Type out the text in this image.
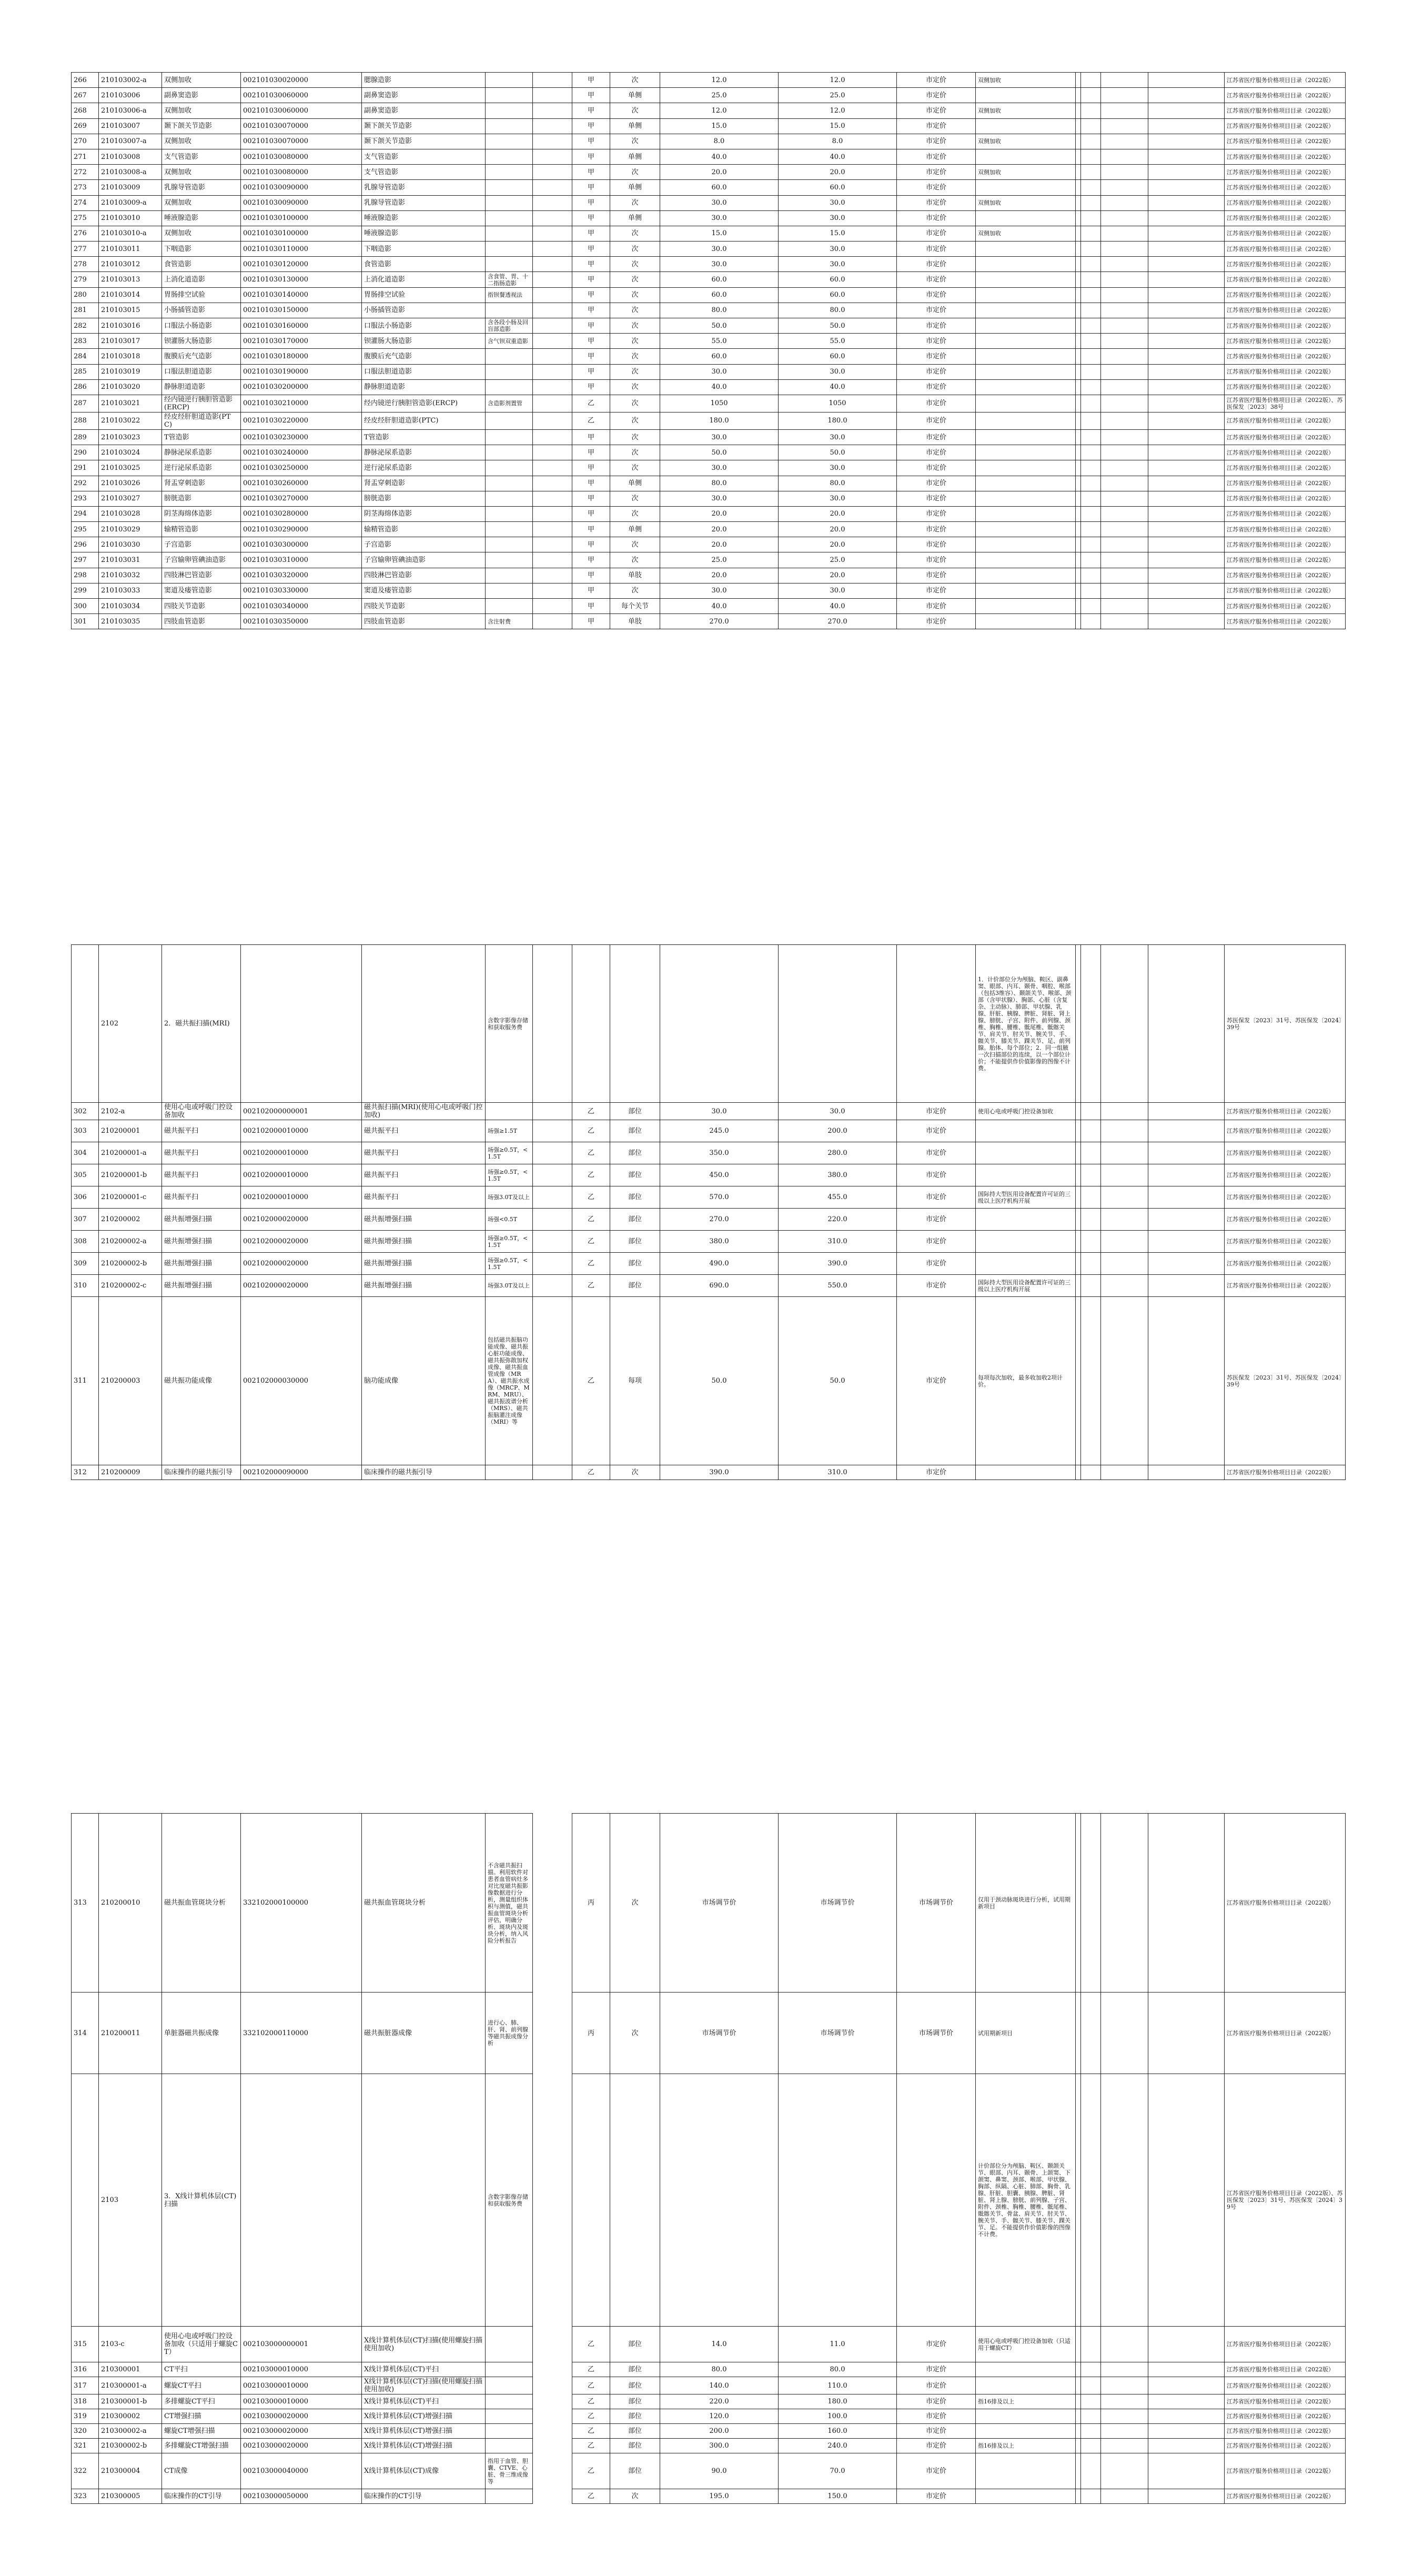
266	210103002-a	双侧加收	002101030020000	腮腺造影			甲	次	12.0	12.0	市定价	双侧加收					江苏省医疗服务价格项目目录（2022版）
267	210103006	副鼻窦造影	002101030060000	副鼻窦造影			甲	单侧	25.0	25.0	市定价						江苏省医疗服务价格项目目录（2022版）
268	210103006-a	双侧加收	002101030060000	副鼻窦造影			甲	次	12.0	12.0	市定价	双侧加收					江苏省医疗服务价格项目目录（2022版）
269	210103007	颞下颌关节造影	002101030070000	颞下颌关节造影			甲	单侧	15.0	15.0	市定价						江苏省医疗服务价格项目目录（2022版）
270	210103007-a	双侧加收	002101030070000	颞下颌关节造影			甲	次	8.0	8.0	市定价	双侧加收					江苏省医疗服务价格项目目录（2022版）
271	210103008	支气管造影	002101030080000	支气管造影			甲	单侧	40.0	40.0	市定价						江苏省医疗服务价格项目目录（2022版）
272	210103008-a	双侧加收	002101030080000	支气管造影			甲	次	20.0	20.0	市定价	双侧加收					江苏省医疗服务价格项目目录（2022版）
273	210103009	乳腺导管造影	002101030090000	乳腺导管造影			甲	单侧	60.0	60.0	市定价						江苏省医疗服务价格项目目录（2022版）
274	210103009-a	双侧加收	002101030090000	乳腺导管造影			甲	次	30.0	30.0	市定价	双侧加收					江苏省医疗服务价格项目目录（2022版）
275	210103010	唾液腺造影	002101030100000	唾液腺造影			甲	单侧	30.0	30.0	市定价						江苏省医疗服务价格项目目录（2022版）
276	210103010-a	双侧加收	002101030100000	唾液腺造影			甲	次	15.0	15.0	市定价	双侧加收					江苏省医疗服务价格项目目录（2022版）
277	210103011	下咽造影	002101030110000	下咽造影			甲	次	30.0	30.0	市定价						江苏省医疗服务价格项目目录（2022版）
278	210103012	食管造影	002101030120000	食管造影			甲	次	30.0	30.0	市定价						江苏省医疗服务价格项目目录（2022版）
279	210103013	上消化道造影	002101030130000	上消化道造影	含食管、胃、十二指肠造影		甲	次	60.0	60.0	市定价						江苏省医疗服务价格项目目录（2022版）
280	210103014	胃肠排空试验	002101030140000	胃肠排空试验	指钡餐透视法		甲	次	60.0	60.0	市定价						江苏省医疗服务价格项目目录（2022版）
281	210103015	小肠插管造影	002101030150000	小肠插管造影			甲	次	80.0	80.0	市定价						江苏省医疗服务价格项目目录（2022版）
282	210103016	口服法小肠造影	002101030160000	口服法小肠造影	含各段小肠及回盲部造影		甲	次	50.0	50.0	市定价						江苏省医疗服务价格项目目录（2022版）
283	210103017	钡灌肠大肠造影	002101030170000	钡灌肠大肠造影	含气钡双重造影		甲	次	55.0	55.0	市定价						江苏省医疗服务价格项目目录（2022版）
284	210103018	腹膜后充气造影	002101030180000	腹膜后充气造影			甲	次	60.0	60.0	市定价						江苏省医疗服务价格项目目录（2022版）
285	210103019	口服法胆道造影	002101030190000	口服法胆道造影			甲	次	30.0	30.0	市定价						江苏省医疗服务价格项目目录（2022版）
286	210103020	静脉胆道造影	002101030200000	静脉胆道造影			甲	次	40.0	40.0	市定价						江苏省医疗服务价格项目目录（2022版）
287	210103021	经内镜逆行胰胆管造影(ERCP)	002101030210000	经内镜逆行胰胆管造影(ERCP)	含造影剂置管		乙	次	1050	1050	市定价						江苏省医疗服务价格项目目录（2022版）、苏医保发〔2023〕38号
288	210103022	经皮经肝胆道造影(PTC)	002101030220000	经皮经肝胆道造影(PTC)			乙	次	180.0	180.0	市定价						江苏省医疗服务价格项目目录（2022版）
289	210103023	T管造影	002101030230000	T管造影			甲	次	30.0	30.0	市定价						江苏省医疗服务价格项目目录（2022版）
290	210103024	静脉泌尿系造影	002101030240000	静脉泌尿系造影			甲	次	50.0	50.0	市定价						江苏省医疗服务价格项目目录（2022版）
291	210103025	逆行泌尿系造影	002101030250000	逆行泌尿系造影			甲	次	30.0	30.0	市定价						江苏省医疗服务价格项目目录（2022版）
292	210103026	肾盂穿刺造影	002101030260000	肾盂穿刺造影			甲	单侧	80.0	80.0	市定价						江苏省医疗服务价格项目目录（2022版）
293	210103027	膀胱造影	002101030270000	膀胱造影			甲	次	30.0	30.0	市定价						江苏省医疗服务价格项目目录（2022版）
294	210103028	阴茎海绵体造影	002101030280000	阴茎海绵体造影			甲	次	20.0	20.0	市定价						江苏省医疗服务价格项目目录（2022版）
295	210103029	输精管造影	002101030290000	输精管造影			甲	单侧	20.0	20.0	市定价						江苏省医疗服务价格项目目录（2022版）
296	210103030	子宫造影	002101030300000	子宫造影			甲	次	20.0	20.0	市定价						江苏省医疗服务价格项目目录（2022版）
297	210103031	子宫输卵管碘油造影	002101030310000	子宫输卵管碘油造影			甲	次	25.0	25.0	市定价						江苏省医疗服务价格项目目录（2022版）
298	210103032	四肢淋巴管造影	002101030320000	四肢淋巴管造影			甲	单肢	20.0	20.0	市定价						江苏省医疗服务价格项目目录（2022版）
299	210103033	窦道及瘘管造影	002101030330000	窦道及瘘管造影			甲	次	30.0	30.0	市定价						江苏省医疗服务价格项目目录（2022版）
300	210103034	四肢关节造影	002101030340000	四肢关节造影			甲	每个关节	40.0	40.0	市定价						江苏省医疗服务价格项目目录（2022版）
301	210103035	四肢血管造影	002101030350000	四肢血管造影	含注射费		甲	单肢	270.0	270.0	市定价						江苏省医疗服务价格项目目录（2022版）
	2102	2．磁共振扫描(MRI)			含数字影像存储和获取服务费							1．计价部位分为颅脑、鞍区、副鼻窦、眼部、内耳、颞骨、咽腔、喉部（包括3维容）、颞颌关节、喉部、颈部（含甲状腺）、胸部、心脏（含复杂、主动脉）、肺部、甲状腺、乳腺、肝脏、胰腺、脾脏、肾脏、肾上腺、膀胱、子宫、附件、前列腺、颈椎、胸椎、腰椎、骶尾椎、骶髂关节、肩关节、肘关节、腕关节、手、髋关节、膝关节、踝关节、足、前列腺。胎体、每个部位；2．同一组腋一次扫描部位的连续，以一个部位计价；不能提供作价值影像的图像不计费。					苏医保发〔2023〕31号、苏医保发〔2024〕39号
302	2102-a	使用心电或呼吸门控设备加收	002102000000001	磁共振扫描(MRI)(使用心电或呼吸门控加收)			乙	部位	30.0	30.0	市定价	使用心电或呼吸门控设备加收					江苏省医疗服务价格项目目录（2022版）
303	210200001	磁共振平扫	002102000010000	磁共振平扫	场强≥1.5T		乙	部位	245.0	200.0	市定价						江苏省医疗服务价格项目目录（2022版）
304	210200001-a	磁共振平扫	002102000010000	磁共振平扫	场强≥0.5T，<1.5T		乙	部位	350.0	280.0	市定价						江苏省医疗服务价格项目目录（2022版）
305	210200001-b	磁共振平扫	002102000010000	磁共振平扫	场强≥0.5T，<1.5T		乙	部位	450.0	380.0	市定价						江苏省医疗服务价格项目目录（2022版）
306	210200001-c	磁共振平扫	002102000010000	磁共振平扫	场强3.0T及以上		乙	部位	570.0	455.0	市定价	国际持大型医用设备配置许可证的三级以上医疗机构开展					江苏省医疗服务价格项目目录（2022版）
307	210200002	磁共振增强扫描	002102000020000	磁共振增强扫描	场强<0.5T		乙	部位	270.0	220.0	市定价						江苏省医疗服务价格项目目录（2022版）
308	210200002-a	磁共振增强扫描	002102000020000	磁共振增强扫描	场强≥0.5T，<1.5T		乙	部位	380.0	310.0	市定价						江苏省医疗服务价格项目目录（2022版）
309	210200002-b	磁共振增强扫描	002102000020000	磁共振增强扫描	场强≥0.5T，<1.5T		乙	部位	490.0	390.0	市定价						江苏省医疗服务价格项目目录（2022版）
310	210200002-c	磁共振增强扫描	002102000020000	磁共振增强扫描	场强3.0T及以上		乙	部位	690.0	550.0	市定价	国际持大型医用设备配置许可证的三级以上医疗机构开展					江苏省医疗服务价格项目目录（2022版）
311	210200003	磁共振功能成像	002102000030000	脑功能成像	包括磁共振脑功能成像、磁共振心脏功能成像、磁共振弥散加权成像、磁共振血管成像（MRA）、磁共振水成像（MRCP、MRM、MRU）、磁共振波谱分析（MRS）、磁共振脑灌注成像（MRI）等		乙	每项	50.0	50.0	市定价	每项每次加收，最多收加收2项计价。					苏医保发〔2023〕31号、苏医保发〔2024〕39号
312	210200009	临床操作的磁共振引导	002102000090000	临床操作的磁共振引导			乙	次	390.0	310.0	市定价						江苏省医疗服务价格项目目录（2022版）
313	210200010	磁共振血管斑块分析	332102000100000	磁共振血管斑块分析	不含磁共振扫描。利用软件对患者血管病灶多对比度磁共振影像数据进行分析，测量组织体积与测值，磁共振血管斑块分析评估，明确分析、斑块内及斑块分析，纳入风险分析报告		丙	次	市场调节价	市场调节价	市场调节价	仅用于颈动脉斑块进行分析，试用期新项目					江苏省医疗服务价格项目目录（2022版）
314	210200011	单脏器磁共振成像	332102000110000	磁共振脏器成像	进行心、肺、肝、肾、前列腺等磁共振成像分析		丙	次	市场调节价	市场调节价	市场调节价	试用期新项目					江苏省医疗服务价格项目目录（2022版）
	2103	3．X线计算机体层(CT)扫描			含数字影像存储和获取服务费							计价部位分为颅脑、鞍区、颞颌关节、眼部、内耳、颞骨、上颌窦、下颌窦、鼻窦、颈部、喉部、甲状腺、胸部、纵隔、心脏、肺部、胸骨、乳腺、肝脏、胆囊、胰腺、脾脏、肾脏、肾上腺、膀胱、前列腺、子宫、附件、颈椎、胸椎、腰椎、骶尾椎、骶髂关节、骨盆、肩关节、肘关节、腕关节、手、髋关节、膝关节、踝关节、足。不能提供作价值影像的图像不计费。					江苏省医疗服务价格项目目录（2022版）、苏医保发〔2023〕31号、苏医保发〔2024〕39号
315	2103-c	使用心电或呼吸门控设备加收（只适用于螺旋CT）	002103000000001	X线计算机体层(CT)扫描(使用螺旋扫描使用加收)			乙	部位	14.0	11.0	市定价	使用心电或呼吸门控设备加收（只适用于螺旋CT）					江苏省医疗服务价格项目目录（2022版）
316	210300001	CT平扫	002103000010000	X线计算机体层(CT)平扫			乙	部位	80.0	80.0	市定价						江苏省医疗服务价格项目目录（2022版）
317	210300001-a	螺旋CT平扫	002103000010000	X线计算机体层(CT)扫描(使用螺旋扫描使用加收)			乙	部位	140.0	110.0	市定价						江苏省医疗服务价格项目目录（2022版）
318	210300001-b	多排螺旋CT平扫	002103000010000	X线计算机体层(CT)平扫			乙	部位	220.0	180.0	市定价	指16排及以上					江苏省医疗服务价格项目目录（2022版）
319	210300002	CT增强扫描	002103000020000	X线计算机体层(CT)增强扫描			乙	部位	120.0	100.0	市定价						江苏省医疗服务价格项目目录（2022版）
320	210300002-a	螺旋CT增强扫描	002103000020000	X线计算机体层(CT)增强扫描			乙	部位	200.0	160.0	市定价						江苏省医疗服务价格项目目录（2022版）
321	210300002-b	多排螺旋CT增强扫描	002103000020000	X线计算机体层(CT)增强扫描			乙	部位	300.0	240.0	市定价	指16排及以上					江苏省医疗服务价格项目目录（2022版）
322	210300004	CT成像	002103000040000	X线计算机体层(CT)成像	指用于血管、胆囊、CTVE、心脏、骨三维成像等		乙	部位	90.0	70.0	市定价						江苏省医疗服务价格项目目录（2022版）
323	210300005	临床操作的CT引导	002103000050000	临床操作的CT引导			乙	次	195.0	150.0	市定价						江苏省医疗服务价格项目目录（2022版）
